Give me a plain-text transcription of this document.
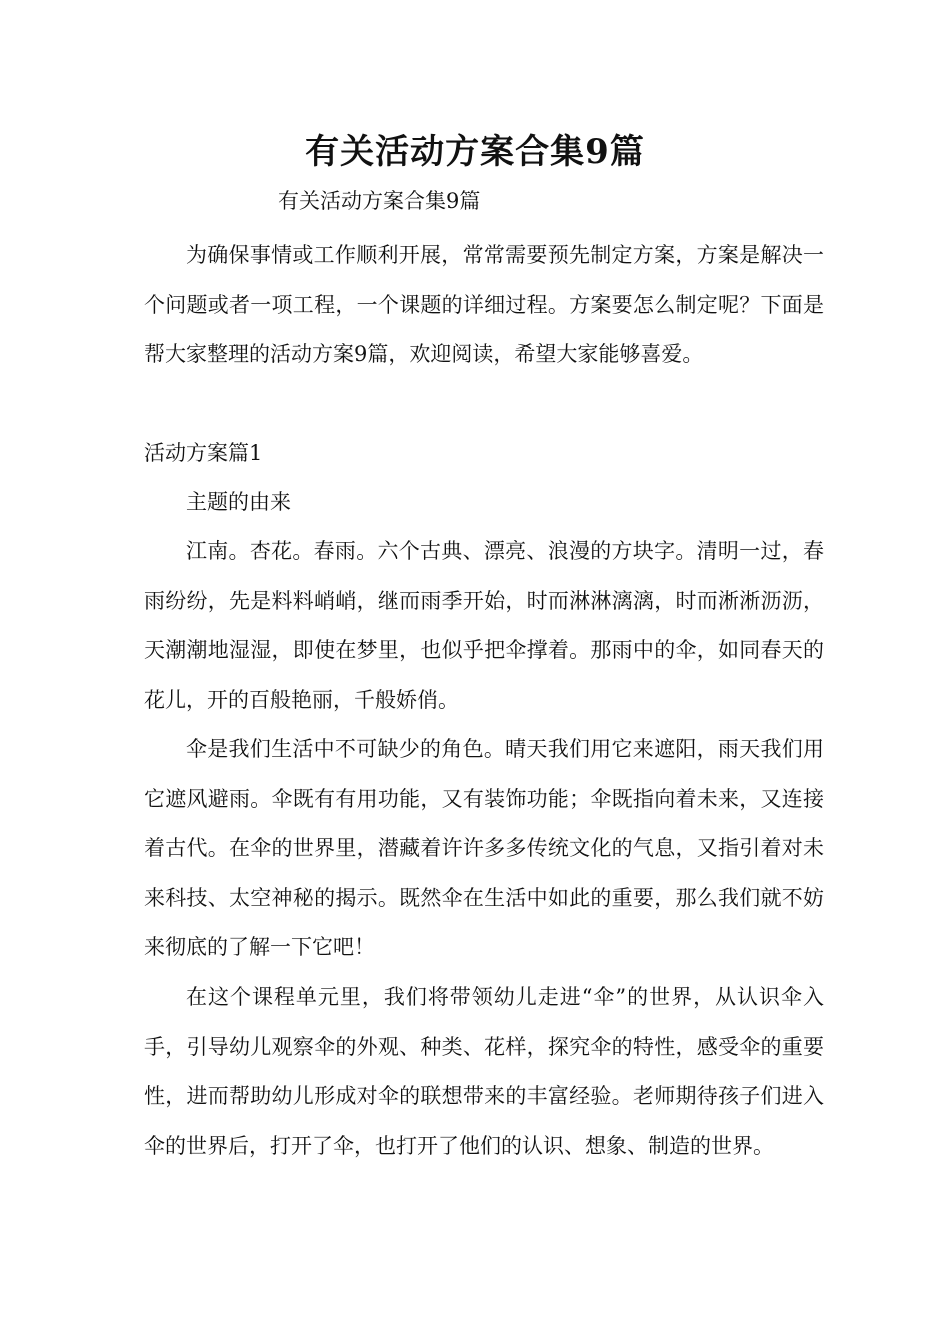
有关活动方案合集9篇
有关活动方案合集9篇

为确保事情或工作顺利开展，常常需要预先制定方案，方案是解决一个问题或者一项工程，一个课题的详细过程。方案要怎么制定呢？下面是帮大家整理的活动方案9篇，欢迎阅读，希望大家能够喜爱。

活动方案篇1

主题的由来

江南。杏花。春雨。六个古典、漂亮、浪漫的方块字。清明一过，春雨纷纷，先是料料峭峭，继而雨季开始，时而淋淋漓漓，时而淅淅沥沥，天潮潮地湿湿，即使在梦里，也似乎把伞撑着。那雨中的伞，如同春天的花儿，开的百般艳丽，千般娇俏。

伞是我们生活中不可缺少的角色。晴天我们用它来遮阳，雨天我们用它遮风避雨。伞既有有用功能，又有装饰功能；伞既指向着未来，又连接着古代。在伞的世界里，潜藏着许许多多传统文化的气息，又指引着对未来科技、太空神秘的揭示。既然伞在生活中如此的重要，那么我们就不妨来彻底的了解一下它吧！

在这个课程单元里，我们将带领幼儿走进“伞”的世界，从认识伞入手，引导幼儿观察伞的外观、种类、花样，探究伞的特性，感受伞的重要性，进而帮助幼儿形成对伞的联想带来的丰富经验。老师期待孩子们进入伞的世界后，打开了伞，也打开了他们的认识、想象、制造的世界。
